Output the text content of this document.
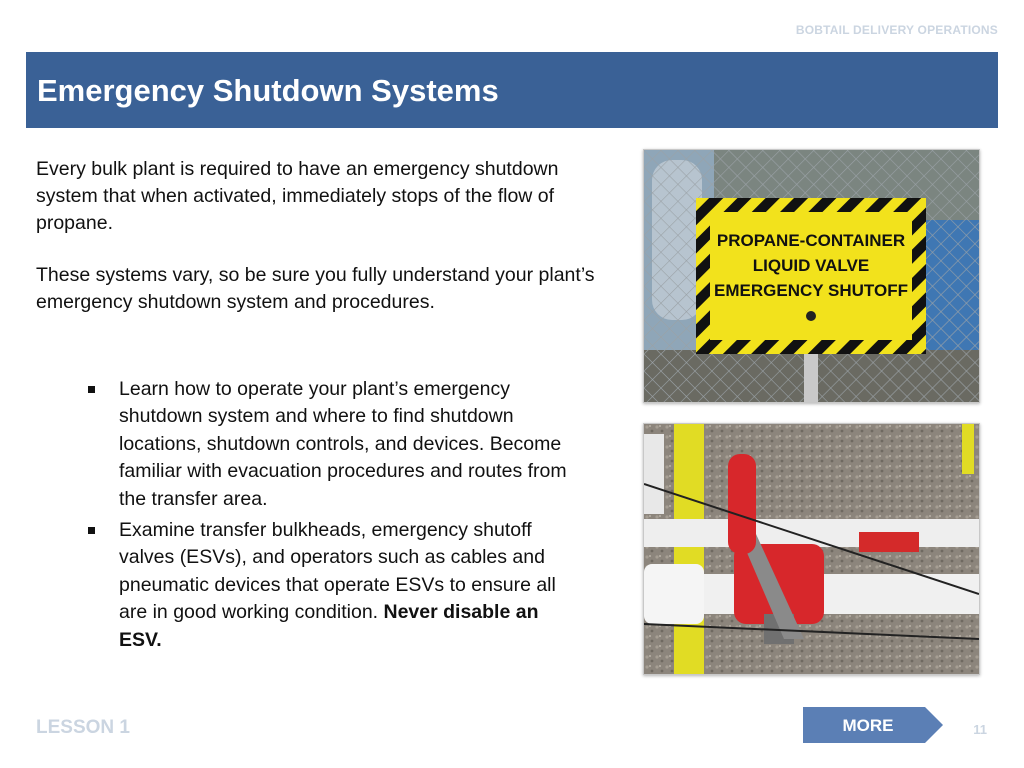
BOBTAIL DELIVERY OPERATIONS
Emergency Shutdown Systems

Every bulk plant is required to have an emergency shutdown system that when activated, immediately stops of the flow of propane.

These systems vary, so be sure you fully understand your plant’s emergency shutdown system and procedures.

Learn how to operate your plant’s emergency shutdown system and where to find shutdown locations, shutdown controls, and devices. Become familiar with evacuation procedures and routes from the transfer area.
Examine transfer bulkheads, emergency shutoff valves (ESVs), and operators such as cables and pneumatic devices that operate ESVs to ensure all are in good working condition. Never disable an ESV.
PROPANE-CONTAINER
LIQUID VALVE
EMERGENCY SHUTOFF
LESSON 1	MORE	11
